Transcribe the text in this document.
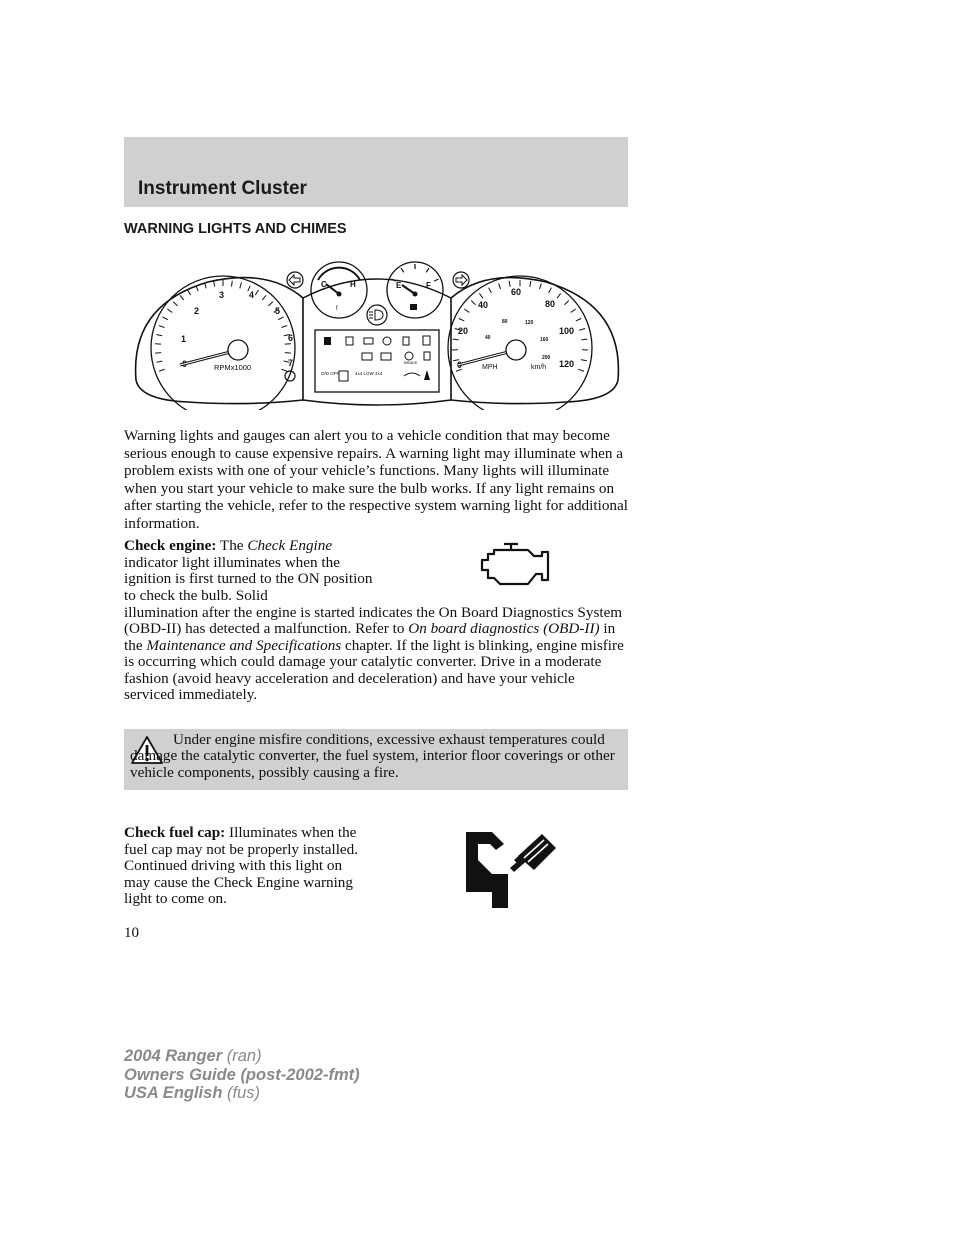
Instrument Cluster
WARNING LIGHTS AND CHIMES
1
2
3	4
5
6
7
RPMx1000
C	H
f
E	F
BRAKE
O/D OFF	4x4 LOW 4x4
20
40
60
80
100
120
40
80	120
160
200
MPH	km/h

Warning lights and gauges can alert you to a vehicle condition that may become serious enough to cause expensive repairs. A warning light may illuminate when a problem exists with one of your vehicle’s functions. Many lights will illuminate when you start your vehicle to make sure the bulb works. If any light remains on after starting the vehicle, refer to the respective system warning light for additional information.

Check engine: The Check Engine indicator light illuminates when the ignition is first turned to the ON position to check the bulb. Solid

illumination after the engine is started indicates the On Board Diagnostics System (OBD-II) has detected a malfunction. Refer to On board diagnostics (OBD-II) in the Maintenance and Specifications chapter. If the light is blinking, engine misfire is occurring which could damage your catalytic converter. Drive in a moderate fashion (avoid heavy acceleration and deceleration) and have your vehicle serviced immediately.

Under engine misfire conditions, excessive exhaust temperatures could damage the catalytic converter, the fuel system, interior floor coverings or other vehicle components, possibly causing a fire.

Check fuel cap: Illuminates when the fuel cap may not be properly installed. Continued driving with this light on may cause the Check Engine warning light to come on.

10
2004 Ranger (ran)
Owners Guide (post-2002-fmt)
USA English (fus)
